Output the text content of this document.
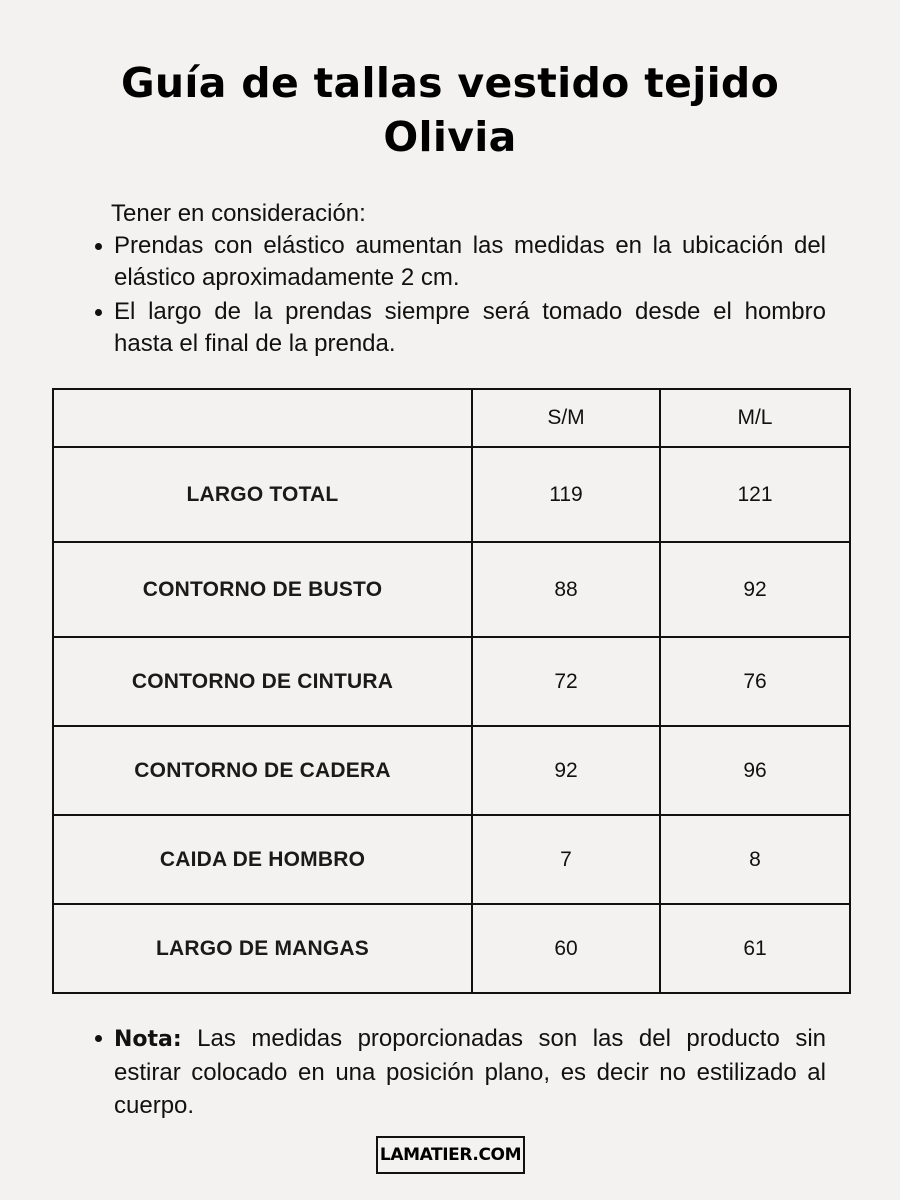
Guía de tallas vestido tejido Olivia
Tener en consideración:
Prendas con elástico aumentan las medidas en la ubicación del elástico aproximadamente 2 cm.
El largo de la prendas siempre será tomado desde el hombro hasta el final de la prenda.
	S/M	M/L
LARGO TOTAL	119	121
CONTORNO DE BUSTO	88	92
CONTORNO DE CINTURA	72	76
CONTORNO DE CADERA	92	96
CAIDA DE HOMBRO	7	8
LARGO DE MANGAS	60	61
Nota: Las medidas proporcionadas son las del producto sin estirar colocado en una posición plano, es decir no estilizado al cuerpo.
LAMATIER.COM
